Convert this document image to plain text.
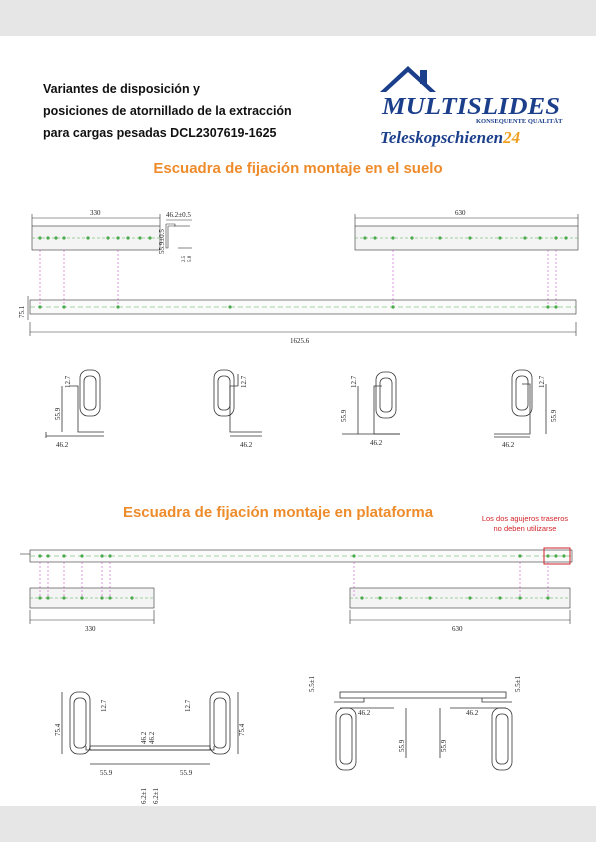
Variantes de disposición y
posiciones de atornillado de la extracción
para cargas pesadas DCL2307619-1625
MULTISLIDES
KONSEQUENTE QUALITÄT
Teleskopschienen24
Escuadra de fijación montaje en el suelo
330	630
46.2±0.5
55.9±0.5
2.5 5.8
75.1
1625.6
12.7
55.9
46.2
12.7
46.2
12.7
55.9
46.2
12.7
55.9
46.2
Escuadra de fijación montaje en plataforma	Los dos agujeros traseros
no deben utilizarse
330	630
75.4
12.7	12.7
46.2 46.2
55.9	55.9
6.2±1 6.2±1
75.4
5.5±1	5.5±1
46.2	46.2
55.9	55.9
